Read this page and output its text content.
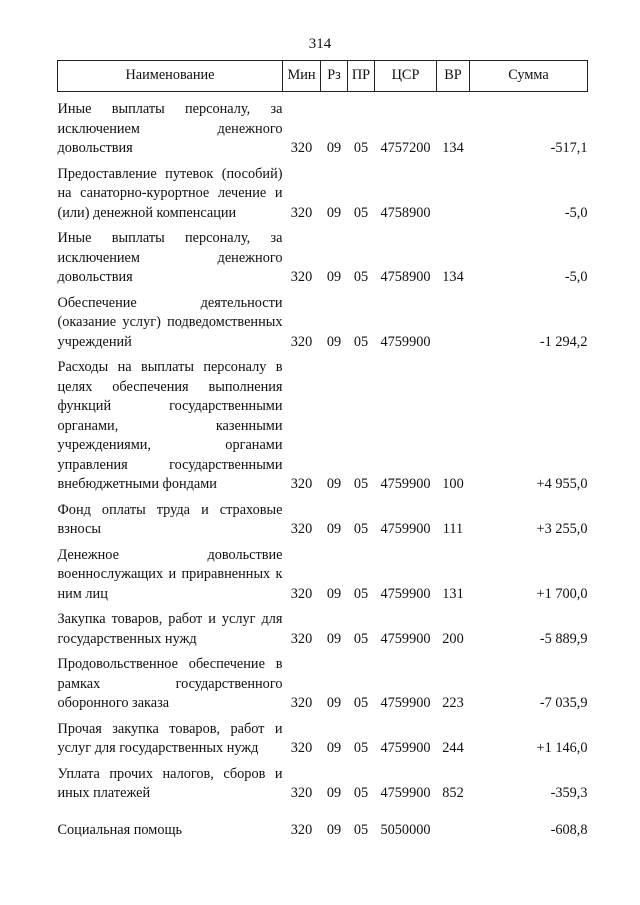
314
Наименование	Мин	Рз	ПР	ЦСР	ВР	Сумма
Иные выплаты персоналу, за исключением денежного довольствия	320	09	05	4757200	134	-517,1
Предоставление путевок (пособий) на санаторно-курортное лечение и (или) денежной компенсации	320	09	05	4758900		-5,0
Иные выплаты персоналу, за исключением денежного довольствия	320	09	05	4758900	134	-5,0
Обеспечение деятельности (оказание услуг) подведомственных учреждений	320	09	05	4759900		-1 294,2
Расходы на выплаты персоналу в целях обеспечения выполнения функций государственными органами, казенными учреждениями, органами управления государственными внебюджетными фондами	320	09	05	4759900	100	+4 955,0
Фонд оплаты труда и страховые взносы	320	09	05	4759900	111	+3 255,0
Денежное довольствие военнослужащих и приравненных к ним лиц	320	09	05	4759900	131	+1 700,0
Закупка товаров, работ и услуг для государственных нужд	320	09	05	4759900	200	-5 889,9
Продовольственное обеспечение в рамках государственного оборонного заказа	320	09	05	4759900	223	-7 035,9
Прочая закупка товаров, работ и услуг для государственных нужд	320	09	05	4759900	244	+1 146,0
Уплата прочих налогов, сборов и иных платежей	320	09	05	4759900	852	-359,3
Социальная помощь	320	09	05	5050000		-608,8
